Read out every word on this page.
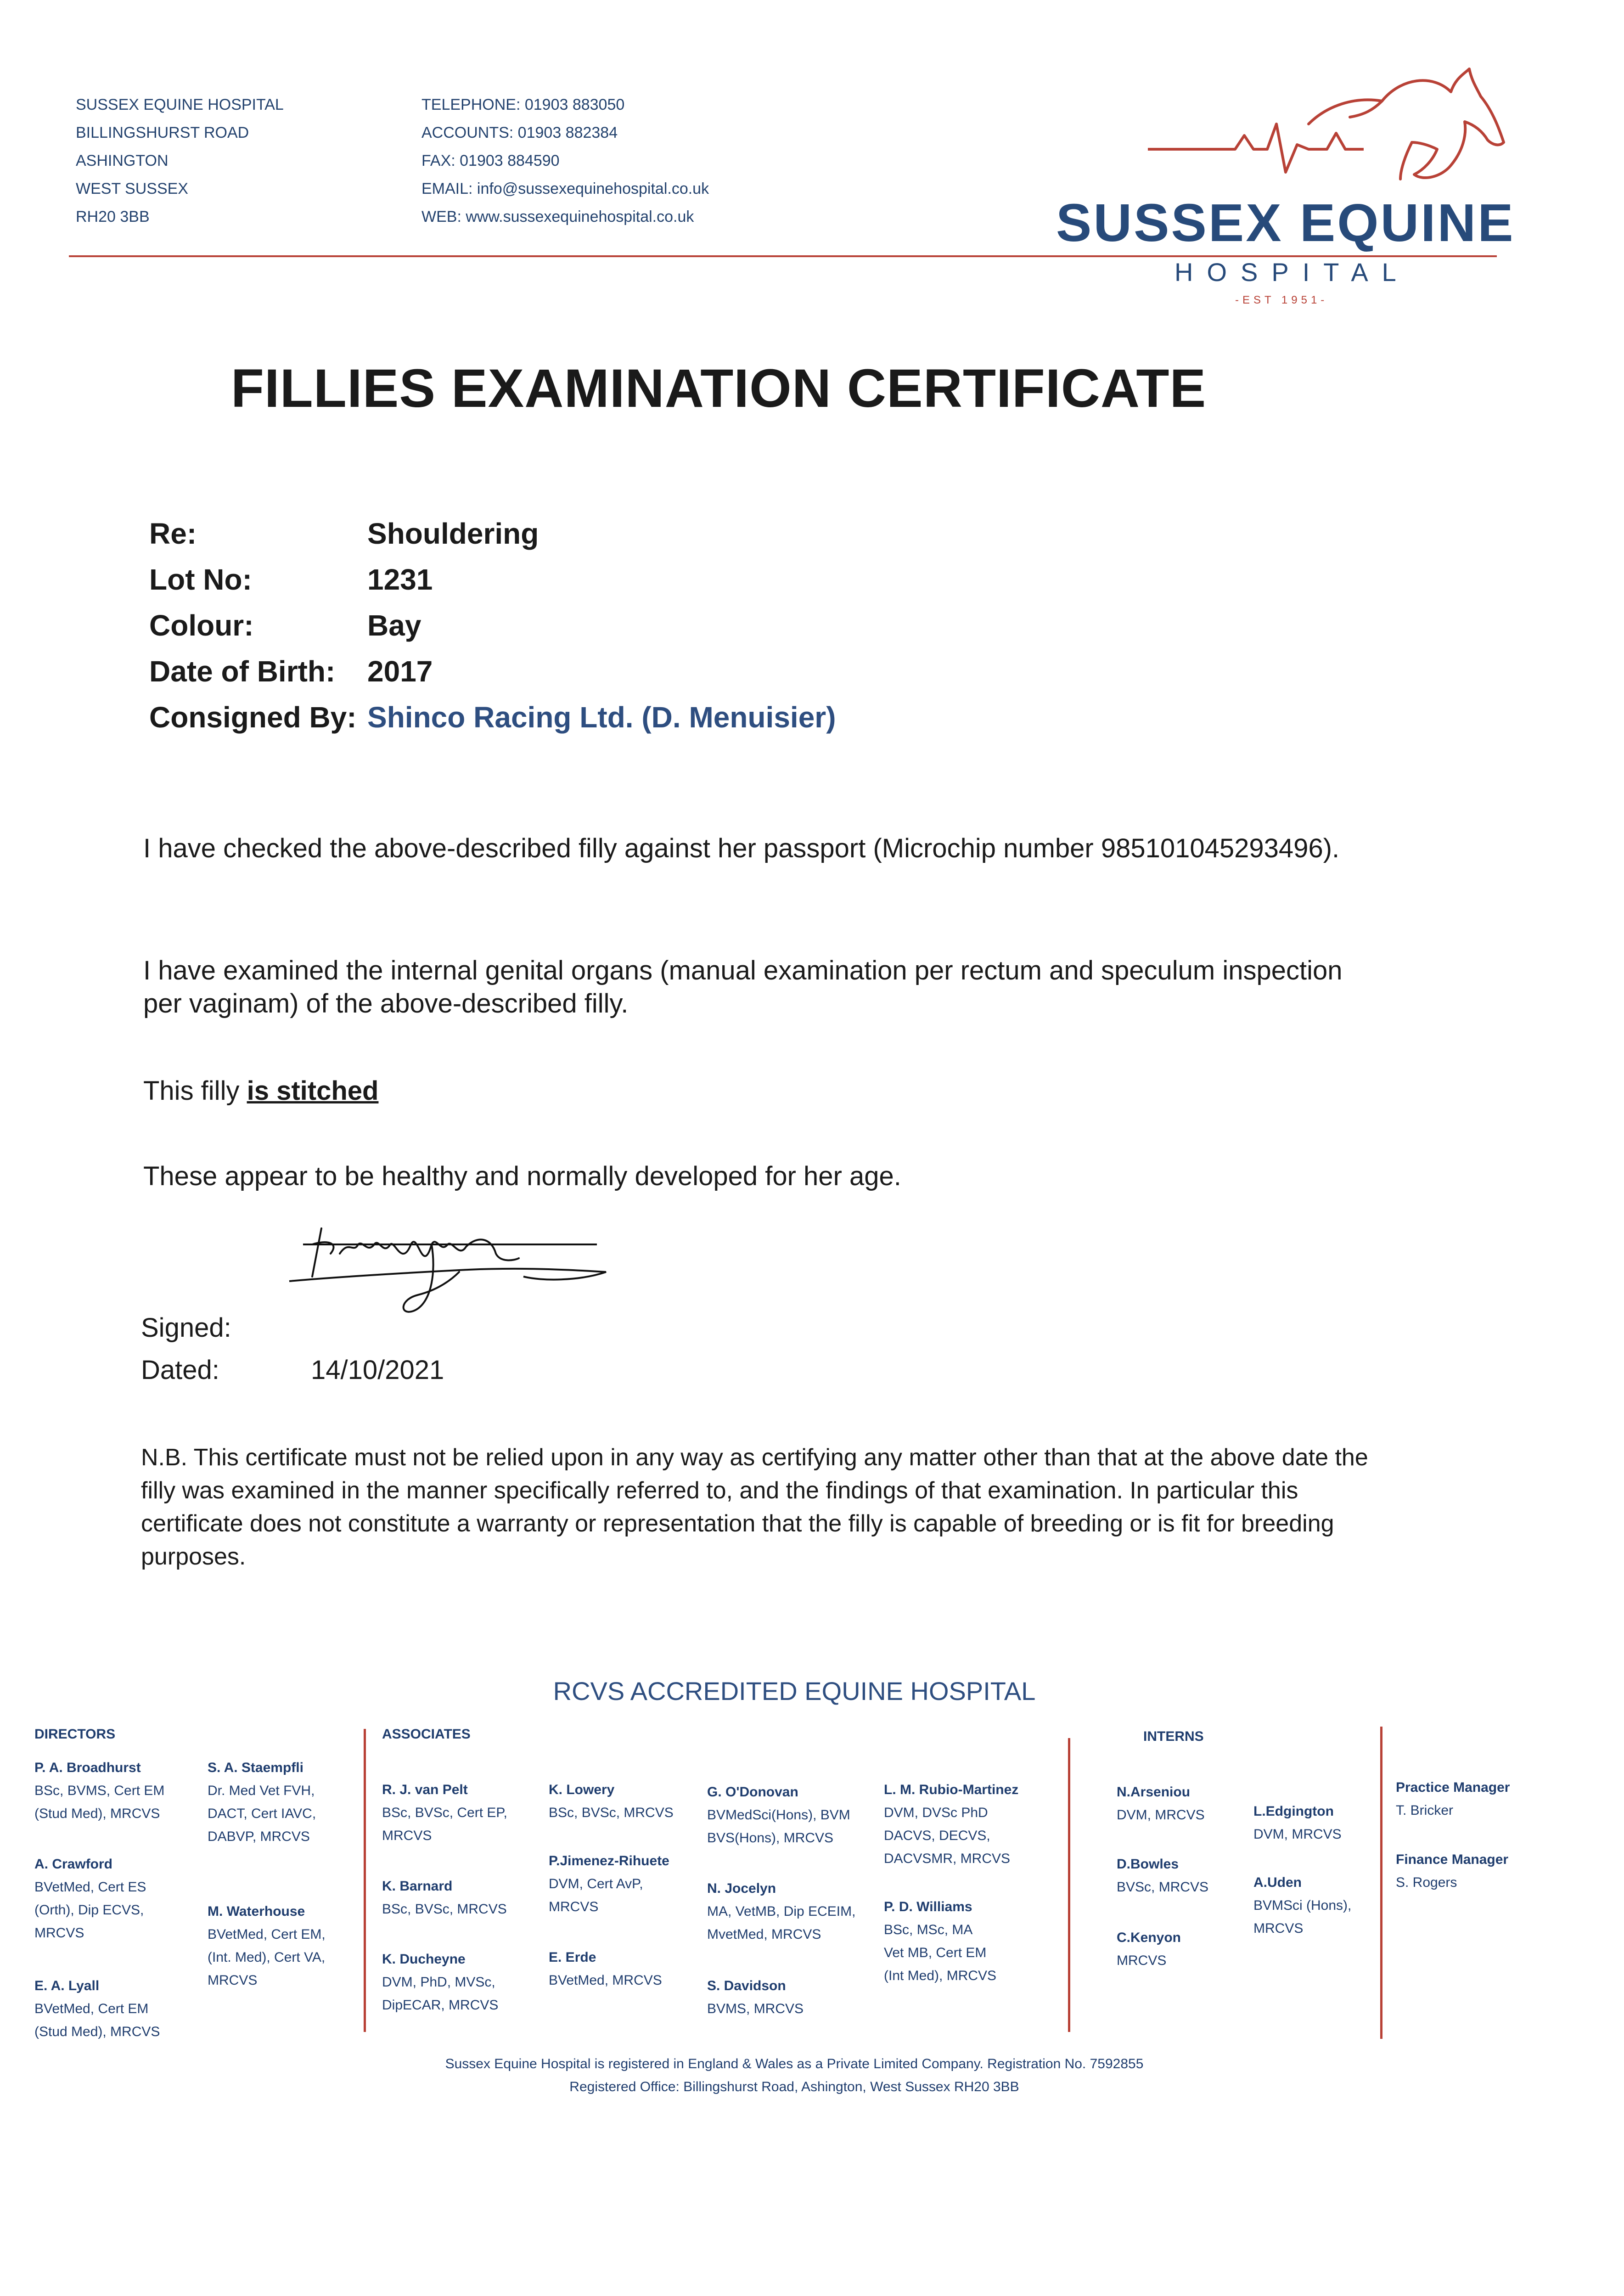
SUSSEX EQUINE HOSPITAL
BILLINGSHURST ROAD
ASHINGTON
WEST SUSSEX
RH20 3BB
TELEPHONE: 01903 883050
ACCOUNTS: 01903 882384
FAX: 01903 884590
EMAIL: info@sussexequinehospital.co.uk
WEB: www.sussexequinehospital.co.uk	SUSSEX EQUINE
HOSPITAL
-EST 1951-
FILLIES EXAMINATION CERTIFICATE
Re:	Shouldering
Lot No:	1231
Colour:	Bay
Date of Birth: 2017
Consigned By: Shinco Racing Ltd. (D. Menuisier)
I have checked the above-described filly against her passport (Microchip number 985101045293496).
I have examined the internal genital organs (manual examination per rectum and speculum inspection per vaginam) of the above-described filly.
This filly is stitched
These appear to be healthy and normally developed for her age.
Signed:
Dated:	14/10/2021
N.B. This certificate must not be relied upon in any way as certifying any matter other than that at the above date the filly was examined in the manner specifically referred to, and the findings of that examination. In particular this certificate does not constitute a warranty or representation that the filly is capable of breeding or is fit for breeding purposes.
RCVS ACCREDITED EQUINE HOSPITAL
DIRECTORS	ASSOCIATES	INTERNS
P. A. Broadhurst
BSc, BVMS, Cert EM
(Stud Med), MRCVS
A. Crawford
BVetMed, Cert ES
(Orth), Dip ECVS,
MRCVS
E. A. Lyall
BVetMed, Cert EM
(Stud Med), MRCVS
S. A. Staempfli
Dr. Med Vet FVH,
DACT, Cert IAVC,
DABVP, MRCVS
M. Waterhouse
BVetMed, Cert EM,
(Int. Med), Cert VA,
MRCVS
R. J. van Pelt
BSc, BVSc, Cert EP,
MRCVS
K. Barnard
BSc, BVSc, MRCVS
K. Ducheyne
DVM, PhD, MVSc,
DipECAR, MRCVS
K. Lowery
BSc, BVSc, MRCVS
P.Jimenez-Rihuete
DVM, Cert AvP,
MRCVS
E. Erde
BVetMed, MRCVS
G. O'Donovan
BVMedSci(Hons), BVM
BVS(Hons), MRCVS
N. Jocelyn
MA, VetMB, Dip ECEIM,
MvetMed, MRCVS
S. Davidson
BVMS, MRCVS
L. M. Rubio-Martinez
DVM, DVSc PhD
DACVS, DECVS,
DACVSMR, MRCVS
P. D. Williams
BSc, MSc, MA
Vet MB, Cert EM
(Int Med), MRCVS
N.Arseniou
DVM, MRCVS
D.Bowles
BVSc, MRCVS
C.Kenyon
MRCVS
L.Edgington
DVM, MRCVS
A.Uden
BVMSci (Hons),
MRCVS
Practice Manager
T. Bricker
Finance Manager
S. Rogers
Sussex Equine Hospital is registered in England & Wales as a Private Limited Company. Registration No. 7592855
Registered Office: Billingshurst Road, Ashington, West Sussex RH20 3BB
